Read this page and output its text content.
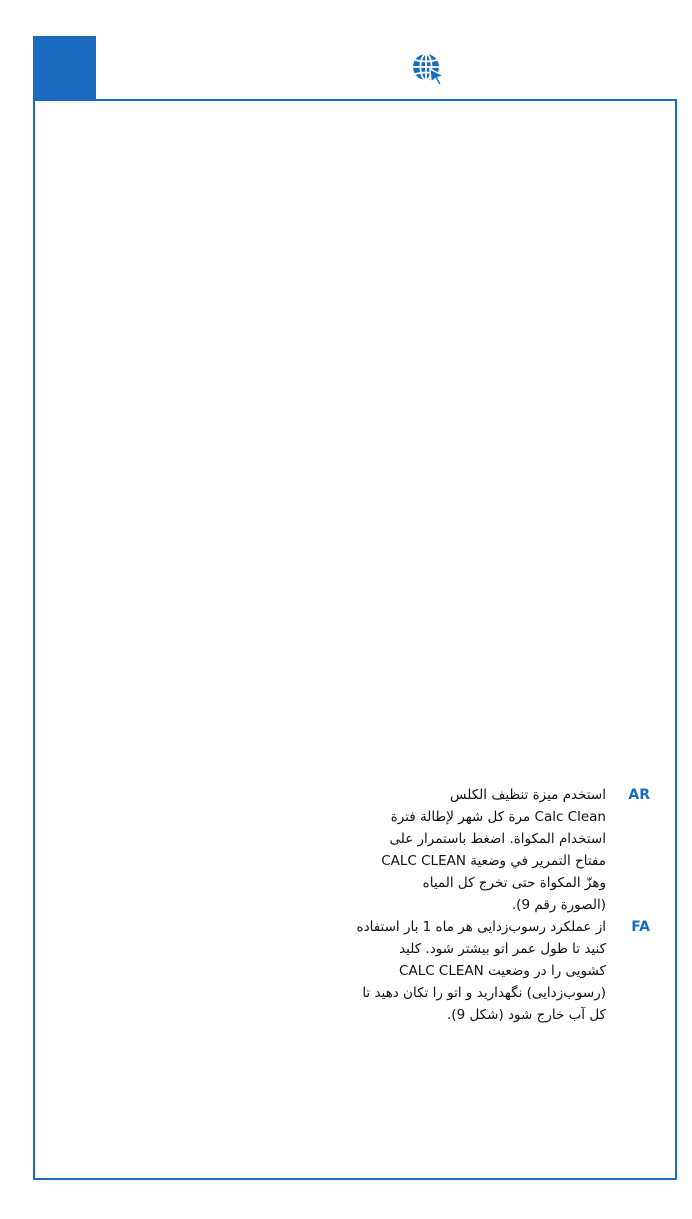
AR
استخدم ميزة تنظيف الكلس
Calc Clean مرة كل شهر لإطالة فترة
استخدام المكواة. اضغط باستمرار على
مفتاح التمرير في وضعية CALC CLEAN
وهزّ المكواة حتى تخرج كل المياه
(الصورة رقم 9).
FA
از عملکرد رسوب‌زدایی هر ماه 1 بار استفاده
کنید تا طول عمر اتو بیشتر شود. کلید
کشویی را در وضعیت CALC CLEAN
(رسوب‌زدایی) نگهدارید و اتو را تکان دهید تا
کل آب خارج شود (شکل 9).
